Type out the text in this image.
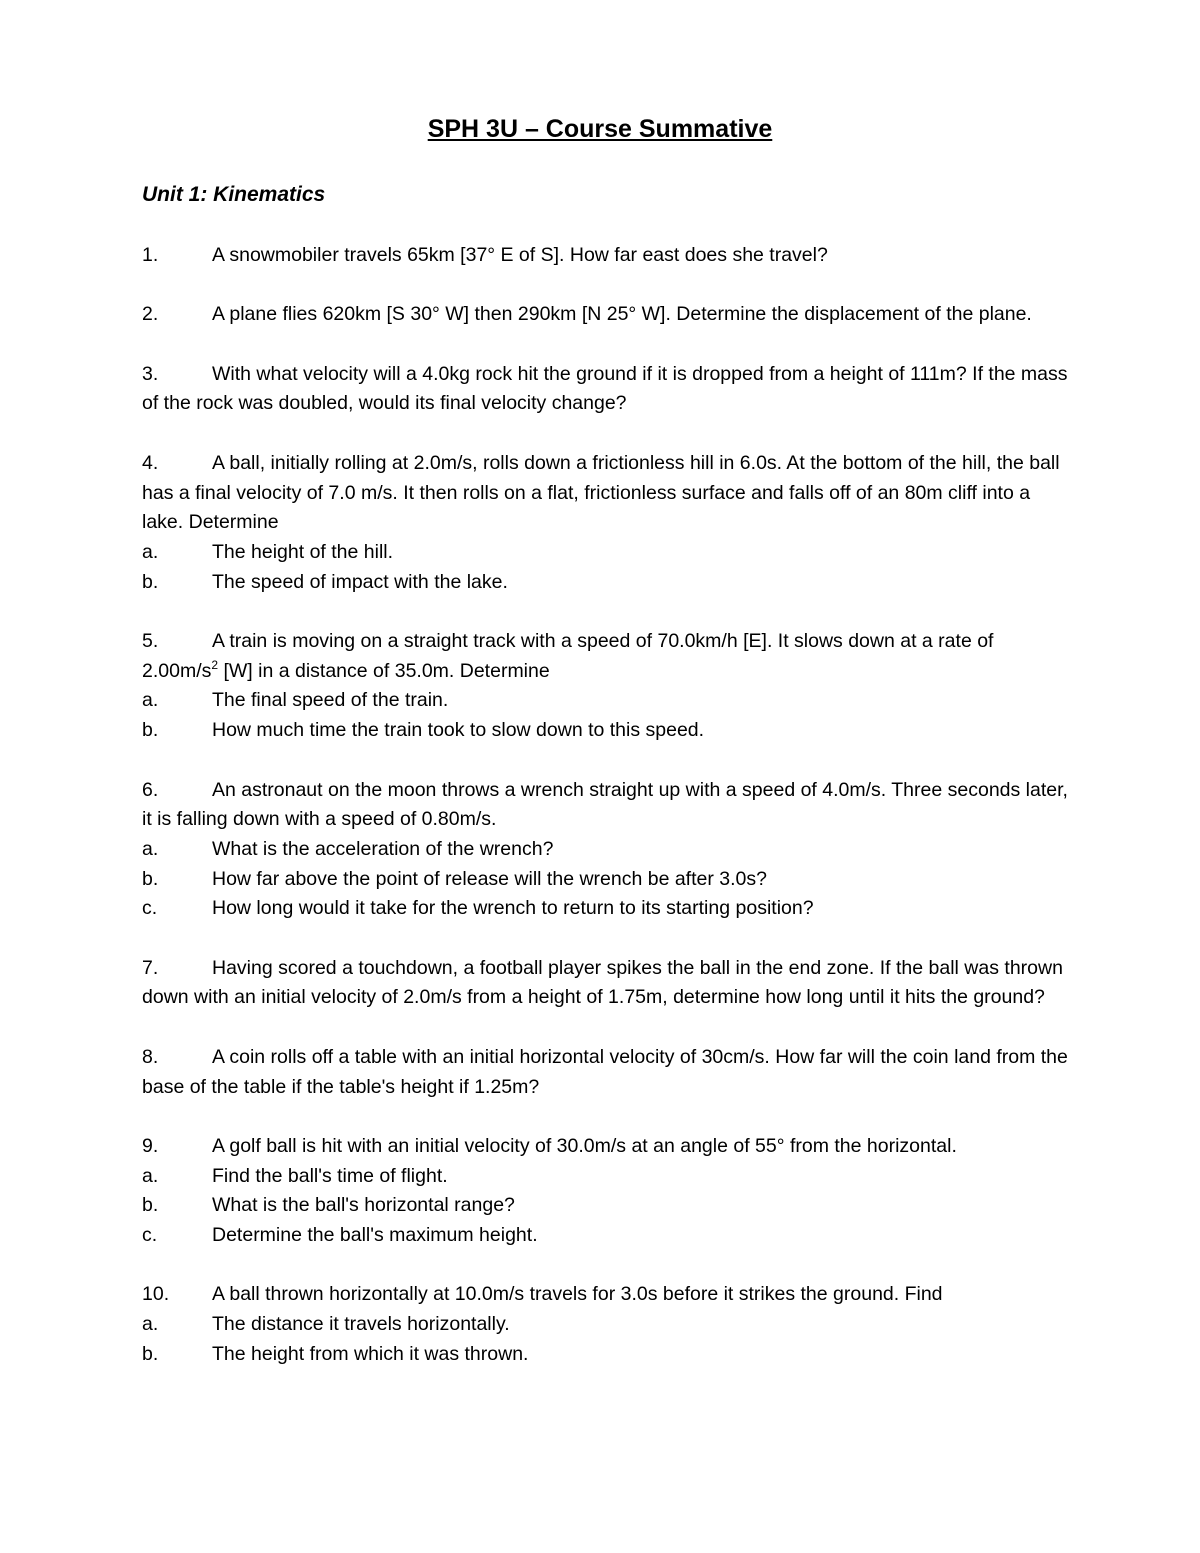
SPH 3U – Course Summative
Unit 1: Kinematics

1.	A snowmobiler travels 65km [37° E of S]. How far east does she travel?

2.	A plane flies 620km [S 30° W] then 290km [N 25° W]. Determine the displacement of the plane.

3.	With what velocity will a 4.0kg rock hit the ground if it is dropped from a height of 111m? If the mass of the rock was doubled, would its final velocity change?

4.	A ball, initially rolling at 2.0m/s, rolls down a frictionless hill in 6.0s. At the bottom of the hill, the ball has a final velocity of 7.0 m/s. It then rolls on a flat, frictionless surface and falls off of an 80m cliff into a lake. Determine

a.	The height of the hill.
b.	The speed of impact with the lake.

5.	A train is moving on a straight track with a speed of 70.0km/h [E]. It slows down at a rate of $2.00m/s^2$ [W] in a distance of 35.0m. Determine

a.	The final speed of the train.
b.	How much time the train took to slow down to this speed.

6.	An astronaut on the moon throws a wrench straight up with a speed of 4.0m/s. Three seconds later, it is falling down with a speed of 0.80m/s.

a.	What is the acceleration of the wrench?
b.	How far above the point of release will the wrench be after 3.0s?
c.	How long would it take for the wrench to return to its starting position?

7.	Having scored a touchdown, a football player spikes the ball in the end zone. If the ball was thrown down with an initial velocity of 2.0m/s from a height of 1.75m, determine how long until it hits the ground?

8.	A coin rolls off a table with an initial horizontal velocity of 30cm/s. How far will the coin land from the base of the table if the table's height if 1.25m?

9.	A golf ball is hit with an initial velocity of 30.0m/s at an angle of 55° from the horizontal.

a.	Find the ball's time of flight.
b.	What is the ball's horizontal range?
c.	Determine the ball's maximum height.

10. A ball thrown horizontally at 10.0m/s travels for 3.0s before it strikes the ground. Find

a.	The distance it travels horizontally.
b.	The height from which it was thrown.
